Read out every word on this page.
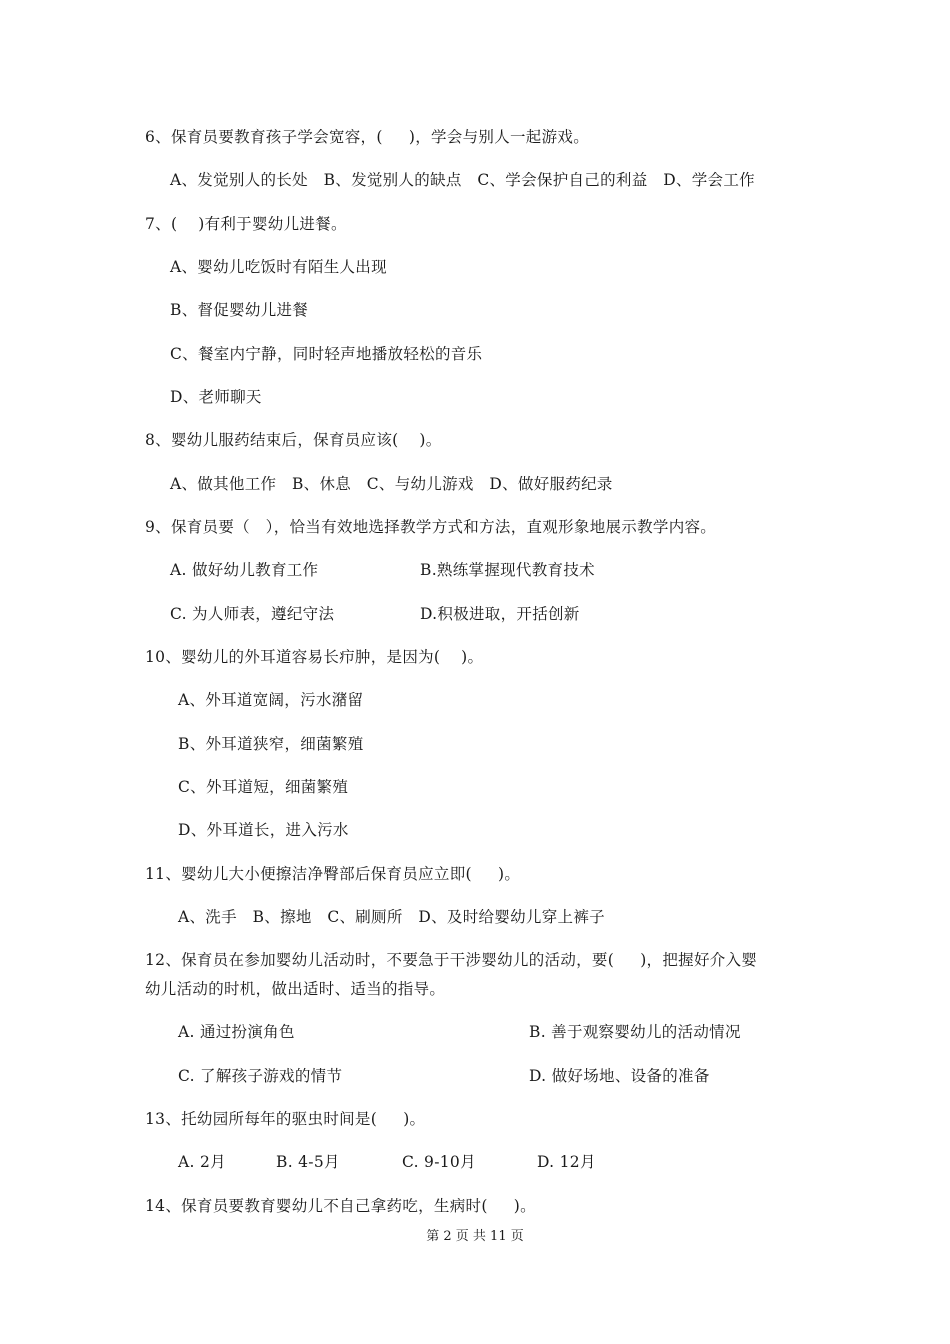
6、保育员要教育孩子学会宽容，(     )，学会与别人一起游戏。
A、发觉别人的长处   B、发觉别人的缺点   C、学会保护自己的利益   D、学会工作
7、(    )有利于婴幼儿进餐。
A、婴幼儿吃饭时有陌生人出现
B、督促婴幼儿进餐
C、餐室内宁静，同时轻声地播放轻松的音乐
D、老师聊天
8、婴幼儿服药结束后，保育员应该(    )。
A、做其他工作   B、休息   C、与幼儿游戏   D、做好服药纪录
9、保育员要（   ），恰当有效地选择教学方式和方法，直观形象地展示教学内容。
A. 做好幼儿教育工作	B.熟练掌握现代教育技术
C. 为人师表，遵纪守法	D.积极进取，开括创新
10、婴幼儿的外耳道容易长疖肿，是因为(    )。
A、外耳道宽阔，污水潴留
B、外耳道狭窄，细菌繁殖
C、外耳道短，细菌繁殖
D、外耳道长，进入污水
11、婴幼儿大小便擦洁净臀部后保育员应立即(     )。
A、洗手   B、擦地   C、刷厕所   D、及时给婴幼儿穿上裤子
12、保育员在参加婴幼儿活动时，不要急于干涉婴幼儿的活动，要(     )，把握好介入婴
幼儿活动的时机，做出适时、适当的指导。
A. 通过扮演角色	B. 善于观察婴幼儿的活动情况
C. 了解孩子游戏的情节	D. 做好场地、设备的准备
13、托幼园所每年的驱虫时间是(     )。
A. 2月	B. 4-5月	C. 9-10月	D. 12月
14、保育员要教育婴幼儿不自己拿药吃，生病时(     )。
第 2 页 共 11 页
